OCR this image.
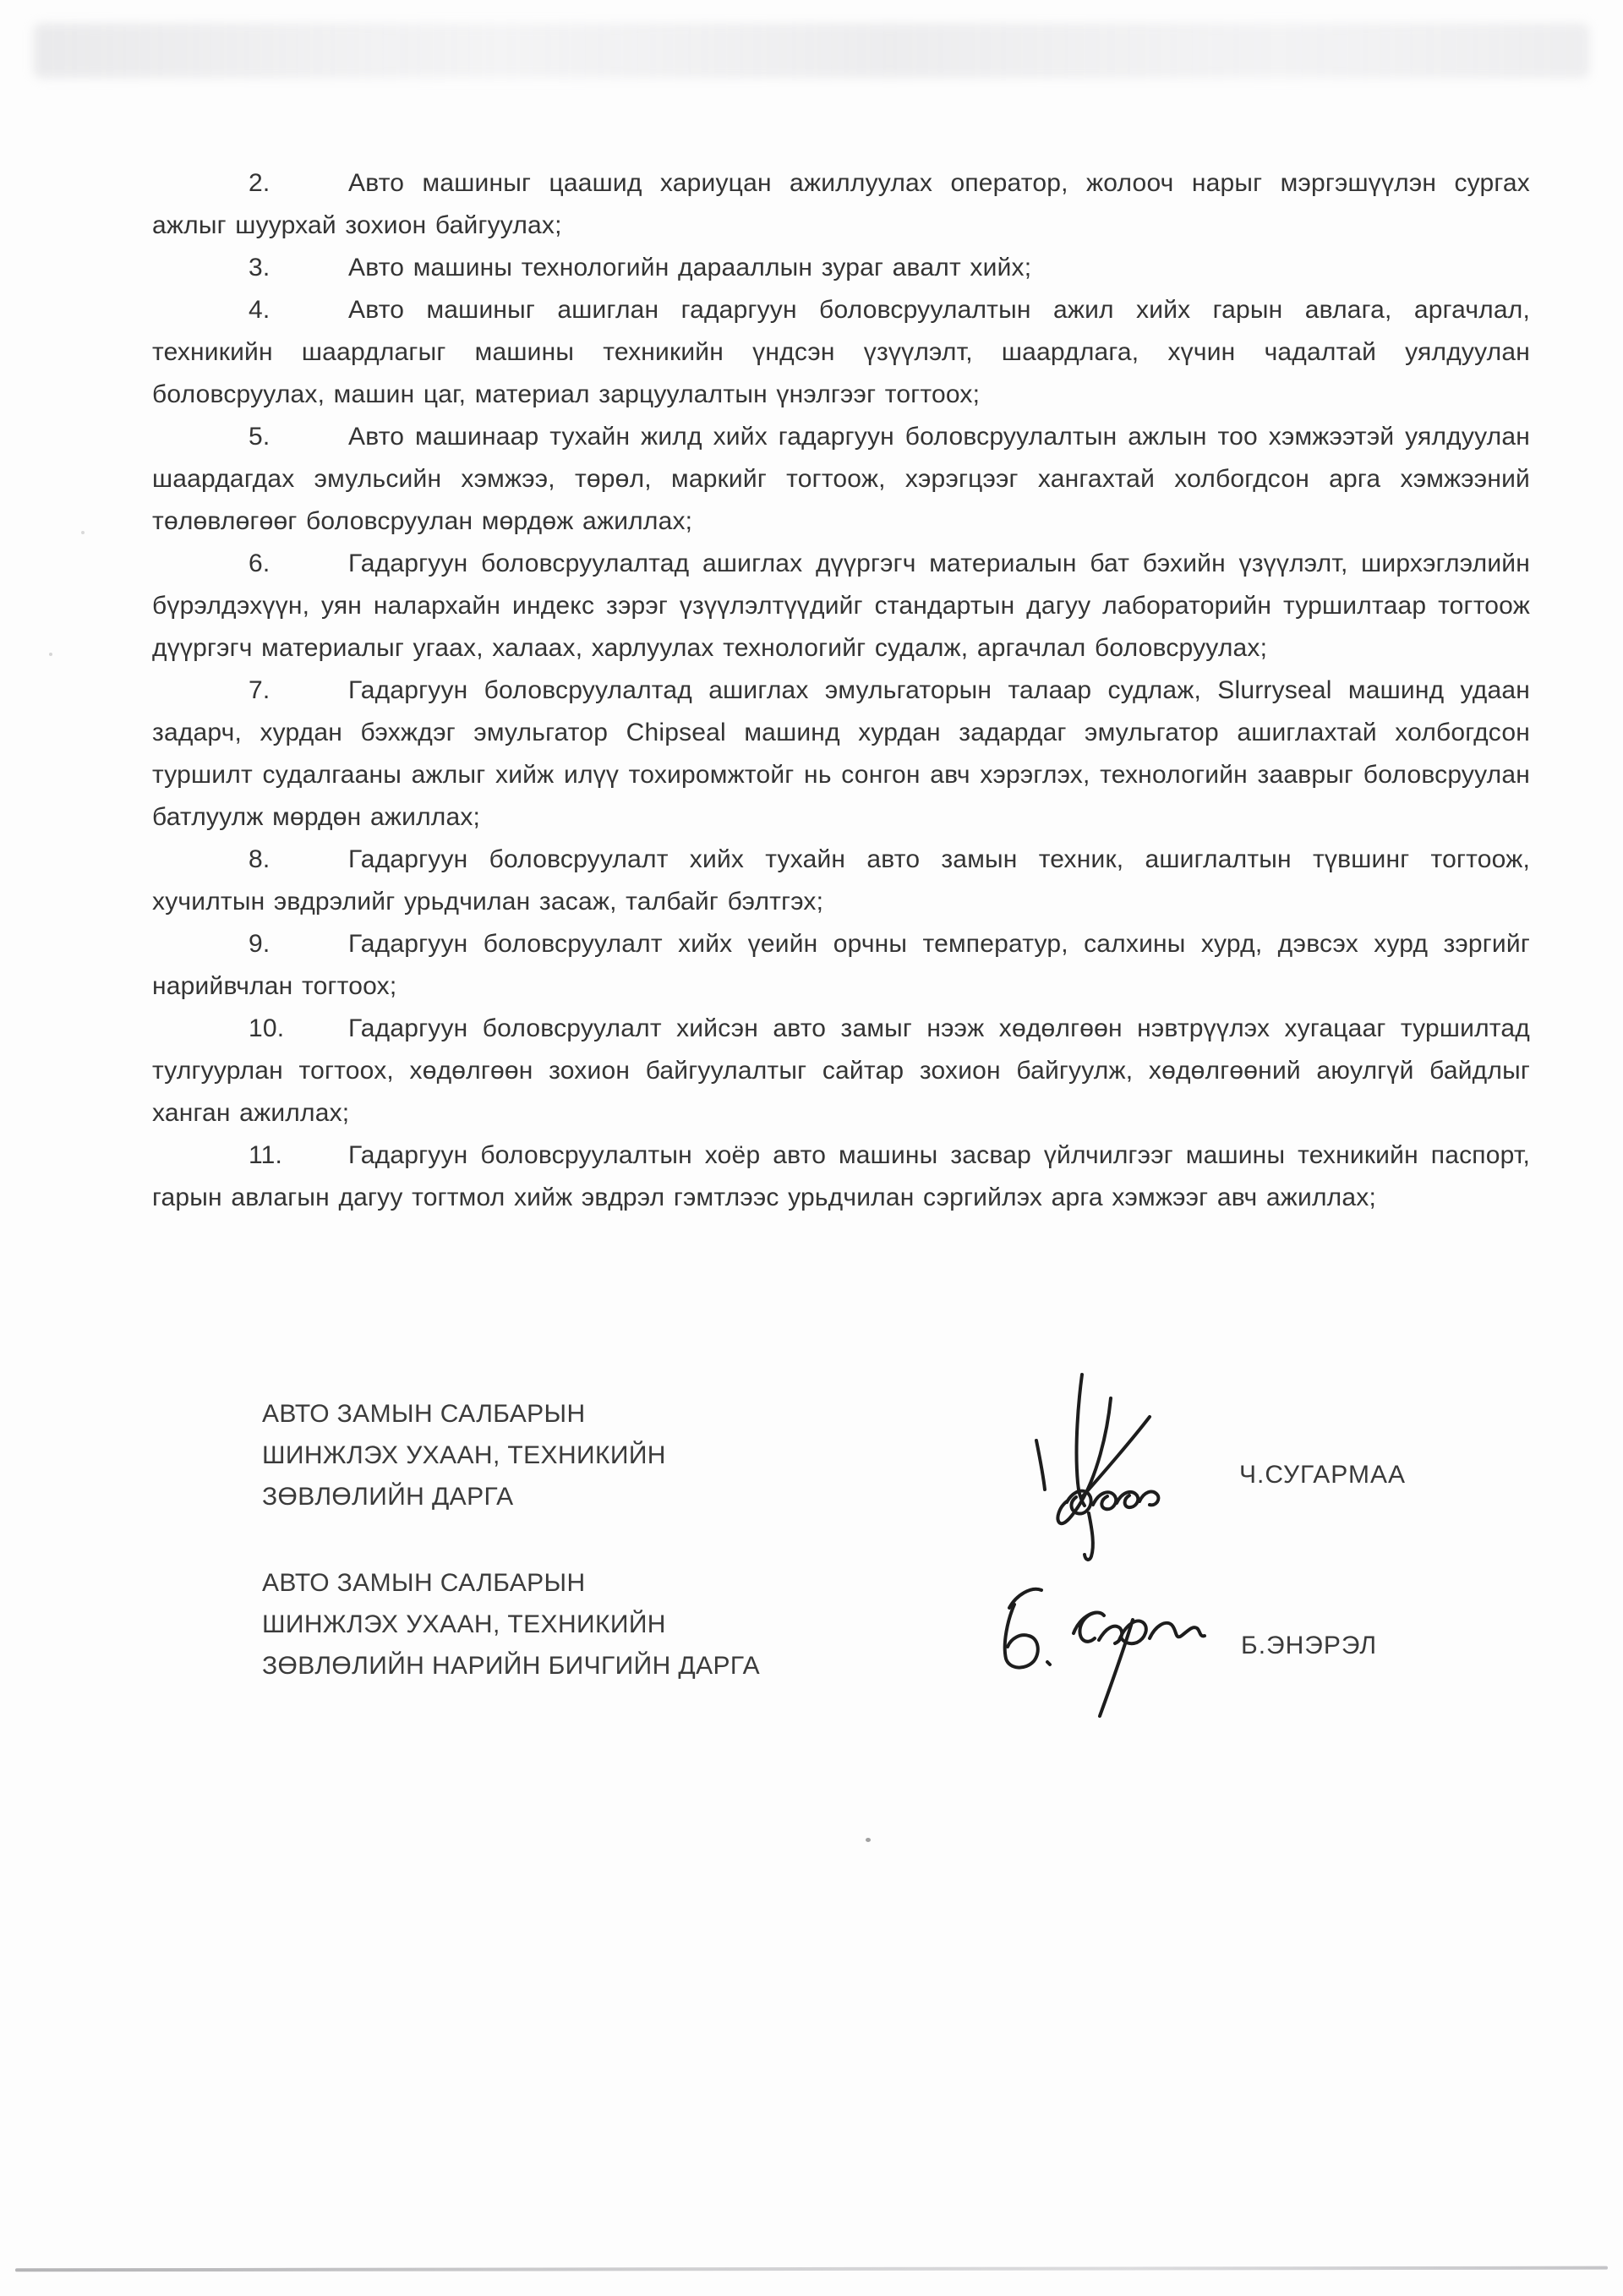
2.	Авто машиныг цаашид хариуцан ажиллуулах оператор, жолооч нарыг мэргэшүүлэн сургах ажлыг шуурхай зохион байгуулах;

3.	Авто машины технологийн дарааллын зураг авалт хийх;

4.	Авто машиныг ашиглан гадаргуун боловсруулалтын ажил хийх гарын авлага, аргачлал, техникийн шаардлагыг машины техникийн үндсэн үзүүлэлт, шаардлага, хүчин чадалтай уялдуулан боловсруулах, машин цаг, материал зарцуулалтын үнэлгээг тогтоох;

5.	Авто машинаар тухайн жилд хийх гадаргуун боловсруулалтын ажлын тоо хэмжээтэй уялдуулан шаардагдах эмульсийн хэмжээ, төрөл, маркийг тогтоож, хэрэгцээг хангахтай холбогдсон арга хэмжээний төлөвлөгөөг боловсруулан мөрдөж ажиллах;

6.	Гадаргуун боловсруулалтад ашиглах дүүргэгч материалын бат бэхийн үзүүлэлт, ширхэглэлийн бүрэлдэхүүн, уян налархайн индекс зэрэг үзүүлэлтүүдийг стандартын дагуу лабораторийн туршилтаар тогтоож дүүргэгч материалыг угаах, халаах, харлуулах технологийг судалж, аргачлал боловсруулах;

7.	Гадаргуун боловсруулалтад ашиглах эмульгаторын талаар судлаж, Slurryseal машинд удаан задарч, хурдан бэхждэг эмульгатор Chipseal машинд хурдан задардаг эмульгатор ашиглахтай холбогдсон туршилт судалгааны ажлыг хийж илүү тохиромжтойг нь сонгон авч хэрэглэх, технологийн зааврыг боловсруулан батлуулж мөрдөн ажиллах;

8.	Гадаргуун боловсруулалт хийх тухайн авто замын техник, ашиглалтын түвшинг тогтоож, хучилтын эвдрэлийг урьдчилан засаж, талбайг бэлтгэх;

9.	Гадаргуун боловсруулалт хийх үеийн орчны температур, салхины хурд, дэвсэх хурд зэргийг нарийвчлан тогтоох;

10.	Гадаргуун боловсруулалт хийсэн авто замыг нээж хөдөлгөөн нэвтрүүлэх хугацааг туршилтад тулгуурлан тогтоох, хөдөлгөөн зохион байгуулалтыг сайтар зохион байгуулж, хөдөлгөөний аюулгүй байдлыг ханган ажиллах;

11.	Гадаргуун боловсруулалтын хоёр авто машины засвар үйлчилгээг машины техникийн паспорт, гарын авлагын дагуу тогтмол хийж эвдрэл гэмтлээс урьдчилан сэргийлэх арга хэмжээг авч ажиллах;

АВТО ЗАМЫН САЛБАРЫН
ШИНЖЛЭХ УХААН, ТЕХНИКИЙН
ЗӨВЛӨЛИЙН ДАРГА
Ч.СУГАРМАА
АВТО ЗАМЫН САЛБАРЫН
ШИНЖЛЭХ УХААН, ТЕХНИКИЙН
ЗӨВЛӨЛИЙН НАРИЙН БИЧГИЙН ДАРГА
Б.ЭНЭРЭЛ
